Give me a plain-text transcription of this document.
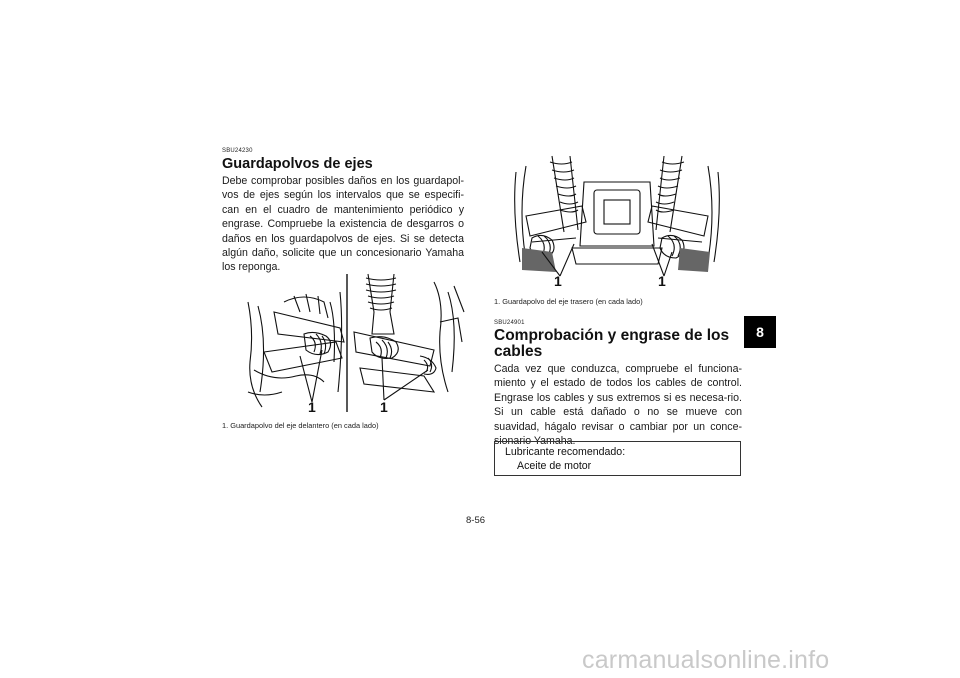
8
SBU24230
Guardapolvos de ejes

Debe comprobar posibles daños en los guardapol-vos de ejes según los intervalos que se especifi-can en el cuadro de mantenimiento periódico y engrase. Compruebe la existencia de desgarros o daños en los guardapolvos de ejes. Si se detecta algún daño, solicite que un concesionario Yamaha los reponga.

1	1
1. Guardapolvo del eje delantero (en cada lado)
1	1
1. Guardapolvo del eje trasero (en cada lado)
SBU24901
Comprobación y engrase de los cables

Cada vez que conduzca, compruebe el funciona-miento y el estado de todos los cables de control. Engrase los cables y sus extremos si es necesa-rio. Si un cable está dañado o no se mueve con suavidad, hágalo revisar o cambiar por un conce-sionario Yamaha.

Lubricante recomendado:
Aceite de motor
8-56
carmanualsonline.info
